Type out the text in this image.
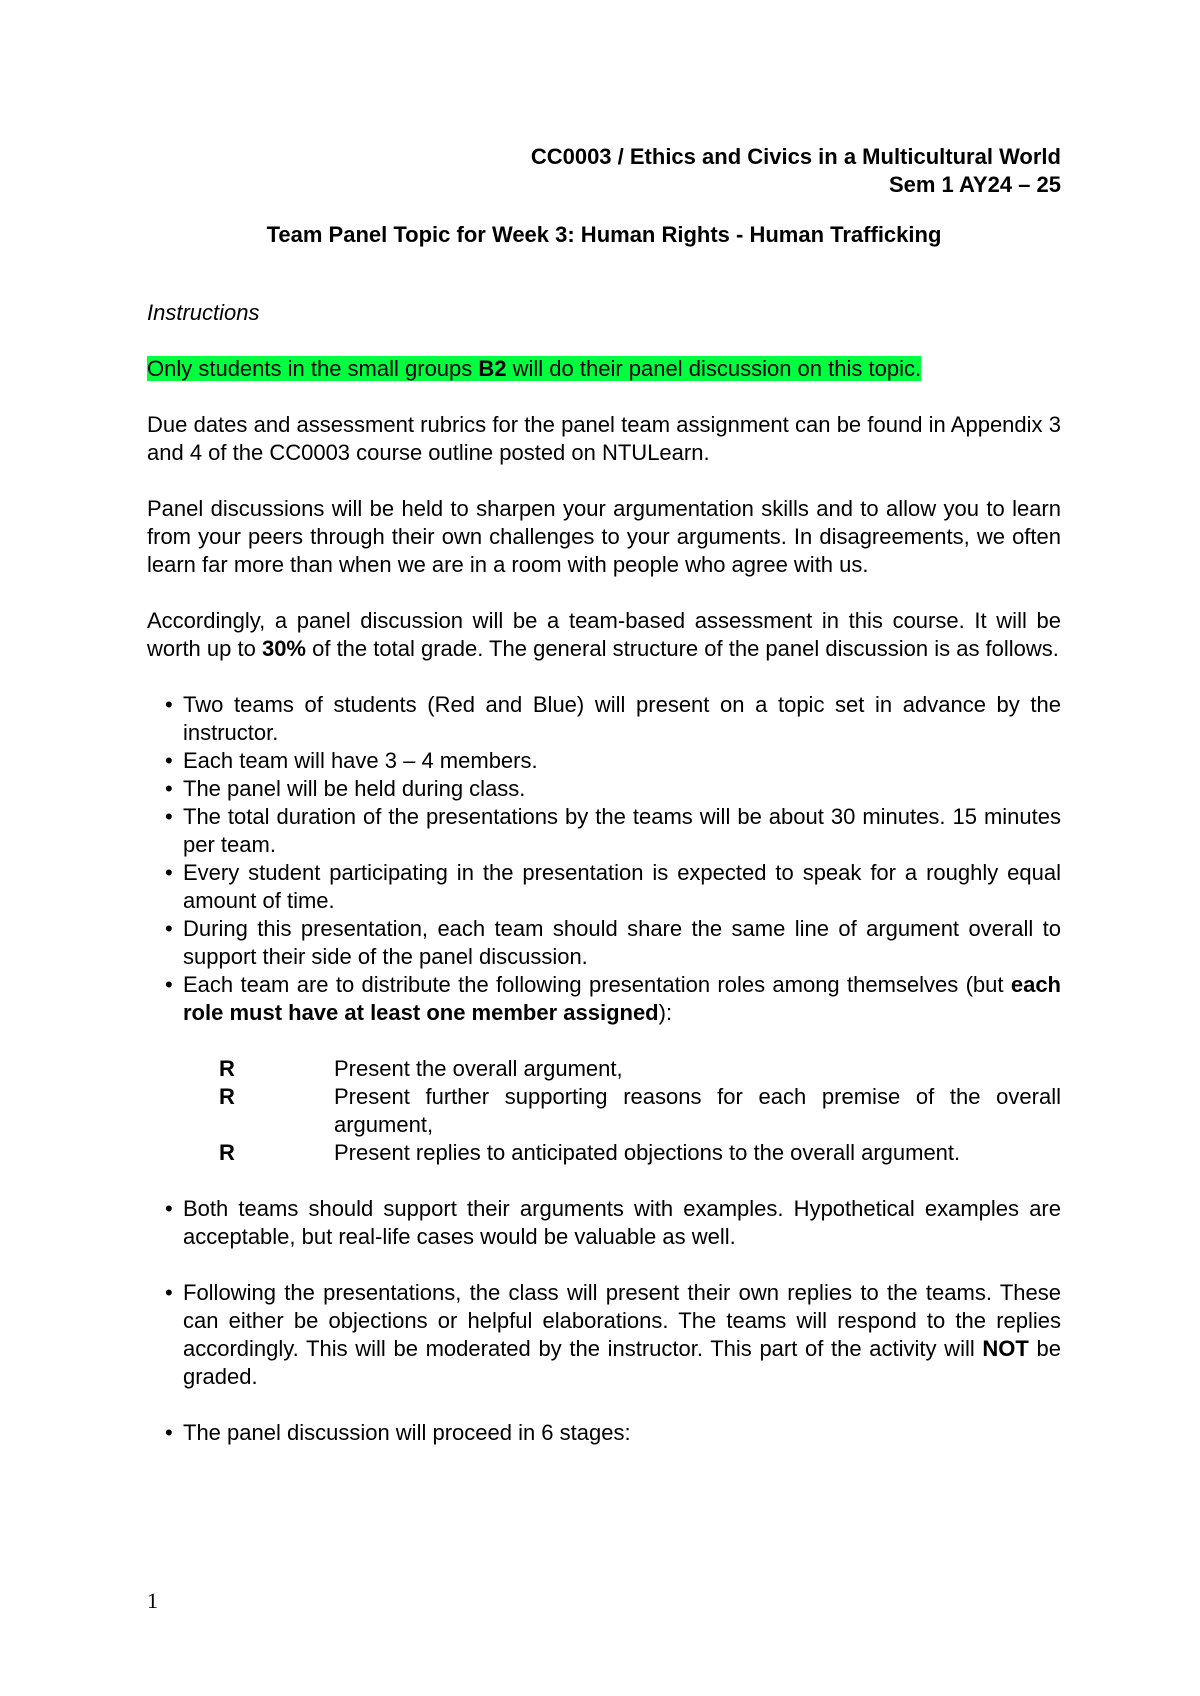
CC0003 / Ethics and Civics in a Multicultural World
Sem 1 AY24 – 25
Team Panel Topic for Week 3: Human Rights - Human Trafficking
Instructions
Only students in the small groups B2 will do their panel discussion on this topic.

Due dates and assessment rubrics for the panel team assignment can be found in Appendix 3 and 4 of the CC0003 course outline posted on NTULearn.

Panel discussions will be held to sharpen your argumentation skills and to allow you to learn from your peers through their own challenges to your arguments. In disagreements, we often learn far more than when we are in a room with people who agree with us.

Accordingly, a panel discussion will be a team-based assessment in this course. It will be worth up to 30% of the total grade. The general structure of the panel discussion is as follows.

• Two teams of students (Red and Blue) will present on a topic set in advance by the instructor.
• Each team will have 3 – 4 members.
• The panel will be held during class.
• The total duration of the presentations by the teams will be about 30 minutes. 15 minutes per team.
• Every student participating in the presentation is expected to speak for a roughly equal amount of time.
• During this presentation, each team should share the same line of argument overall to support their side of the panel discussion.
• Each team are to distribute the following presentation roles among themselves (but each role must have at least one member assigned):
R	Present the overall argument,
R	Present further supporting reasons for each premise of the overall argument,
R	Present replies to anticipated objections to the overall argument.
• Both teams should support their arguments with examples. Hypothetical examples are acceptable, but real-life cases would be valuable as well.
• Following the presentations, the class will present their own replies to the teams. These can either be objections or helpful elaborations. The teams will respond to the replies accordingly. This will be moderated by the instructor. This part of the activity will NOT be graded.
• The panel discussion will proceed in 6 stages:
1
